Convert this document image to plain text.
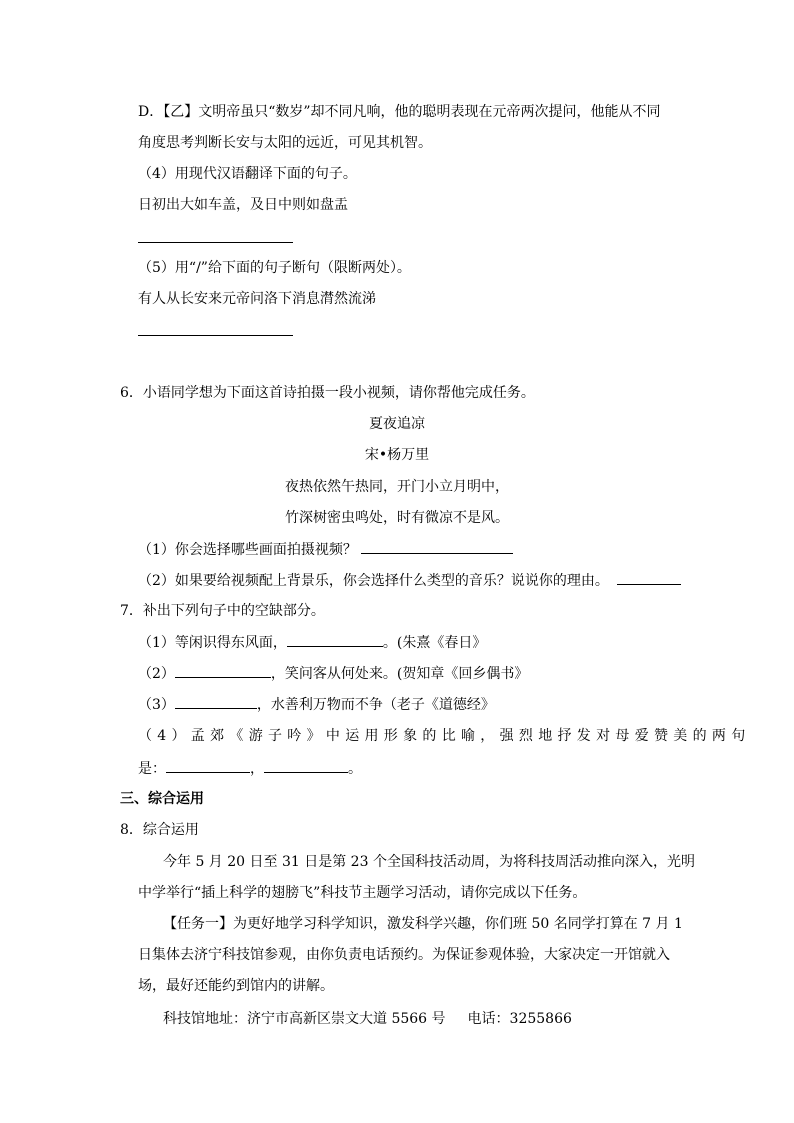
D．【乙】文明帝虽只“数岁”却不同凡响，他的聪明表现在元帝两次提问，他能从不同
角度思考判断长安与太阳的远近，可见其机智。
（4）用现代汉语翻译下面的句子。
日初出大如车盖，及日中则如盘盂
（5）用“/”给下面的句子断句（限断两处）。
有人从长安来元帝问洛下消息潸然流涕
6．小语同学想为下面这首诗拍摄一段小视频，请你帮他完成任务。
夏夜追凉
宋•杨万里
夜热依然午热同，开门小立月明中，
竹深树密虫鸣处，时有微凉不是风。
（1）你会选择哪些画面拍摄视频？
（2）如果要给视频配上背景乐，你会选择什么类型的音乐？说说你的理由。
7．补出下列句子中的空缺部分。
（1）等闲识得东风面，	。(朱熹《春日》
（2）	，笑问客从何处来。(贺知章《回乡偶书》
（3）	，水善利万物而不争（老子《道德经》
（4）孟郊《游子吟》中运用形象的比喻，强烈地抒发对母爱赞美的两句
是：	，	。
三、综合运用
8．综合运用
今年 5 月 20 日至 31 日是第 23 个全国科技活动周，为将科技周活动推向深入，光明
中学举行“插上科学的翅膀飞”科技节主题学习活动，请你完成以下任务。
【任务一】为更好地学习科学知识，激发科学兴趣，你们班 50 名同学打算在 7 月 1
日集体去济宁科技馆参观，由你负责电话预约。为保证参观体验，大家决定一开馆就入
场，最好还能约到馆内的讲解。
科技馆地址：济宁市高新区崇文大道 5566 号 电话：3255866
